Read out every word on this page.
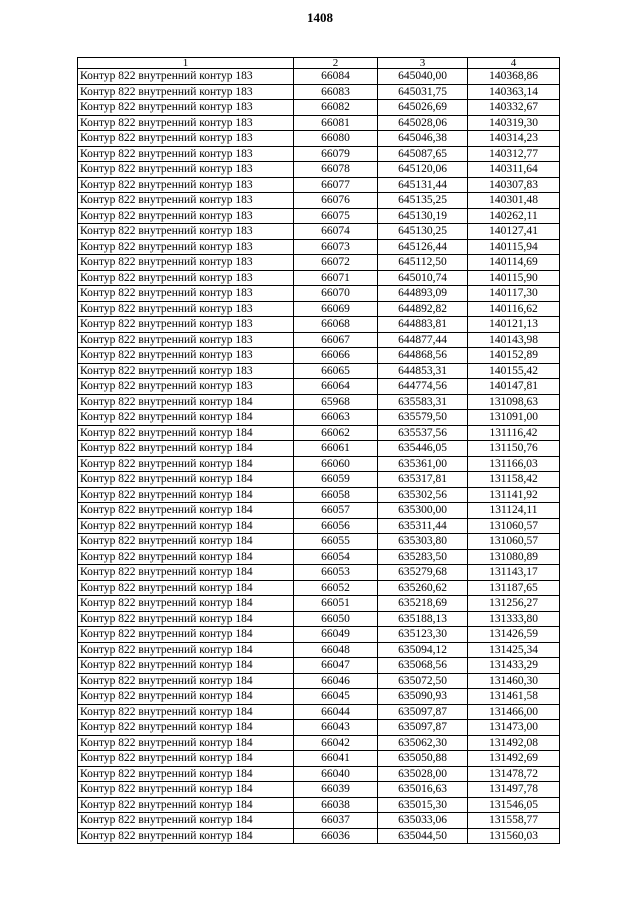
1408
1	2	3	4
Контур 822 внутренний контур 183	66084	645040,00	140368,86
Контур 822 внутренний контур 183	66083	645031,75	140363,14
Контур 822 внутренний контур 183	66082	645026,69	140332,67
Контур 822 внутренний контур 183	66081	645028,06	140319,30
Контур 822 внутренний контур 183	66080	645046,38	140314,23
Контур 822 внутренний контур 183	66079	645087,65	140312,77
Контур 822 внутренний контур 183	66078	645120,06	140311,64
Контур 822 внутренний контур 183	66077	645131,44	140307,83
Контур 822 внутренний контур 183	66076	645135,25	140301,48
Контур 822 внутренний контур 183	66075	645130,19	140262,11
Контур 822 внутренний контур 183	66074	645130,25	140127,41
Контур 822 внутренний контур 183	66073	645126,44	140115,94
Контур 822 внутренний контур 183	66072	645112,50	140114,69
Контур 822 внутренний контур 183	66071	645010,74	140115,90
Контур 822 внутренний контур 183	66070	644893,09	140117,30
Контур 822 внутренний контур 183	66069	644892,82	140116,62
Контур 822 внутренний контур 183	66068	644883,81	140121,13
Контур 822 внутренний контур 183	66067	644877,44	140143,98
Контур 822 внутренний контур 183	66066	644868,56	140152,89
Контур 822 внутренний контур 183	66065	644853,31	140155,42
Контур 822 внутренний контур 183	66064	644774,56	140147,81
Контур 822 внутренний контур 184	65968	635583,31	131098,63
Контур 822 внутренний контур 184	66063	635579,50	131091,00
Контур 822 внутренний контур 184	66062	635537,56	131116,42
Контур 822 внутренний контур 184	66061	635446,05	131150,76
Контур 822 внутренний контур 184	66060	635361,00	131166,03
Контур 822 внутренний контур 184	66059	635317,81	131158,42
Контур 822 внутренний контур 184	66058	635302,56	131141,92
Контур 822 внутренний контур 184	66057	635300,00	131124,11
Контур 822 внутренний контур 184	66056	635311,44	131060,57
Контур 822 внутренний контур 184	66055	635303,80	131060,57
Контур 822 внутренний контур 184	66054	635283,50	131080,89
Контур 822 внутренний контур 184	66053	635279,68	131143,17
Контур 822 внутренний контур 184	66052	635260,62	131187,65
Контур 822 внутренний контур 184	66051	635218,69	131256,27
Контур 822 внутренний контур 184	66050	635188,13	131333,80
Контур 822 внутренний контур 184	66049	635123,30	131426,59
Контур 822 внутренний контур 184	66048	635094,12	131425,34
Контур 822 внутренний контур 184	66047	635068,56	131433,29
Контур 822 внутренний контур 184	66046	635072,50	131460,30
Контур 822 внутренний контур 184	66045	635090,93	131461,58
Контур 822 внутренний контур 184	66044	635097,87	131466,00
Контур 822 внутренний контур 184	66043	635097,87	131473,00
Контур 822 внутренний контур 184	66042	635062,30	131492,08
Контур 822 внутренний контур 184	66041	635050,88	131492,69
Контур 822 внутренний контур 184	66040	635028,00	131478,72
Контур 822 внутренний контур 184	66039	635016,63	131497,78
Контур 822 внутренний контур 184	66038	635015,30	131546,05
Контур 822 внутренний контур 184	66037	635033,06	131558,77
Контур 822 внутренний контур 184	66036	635044,50	131560,03
